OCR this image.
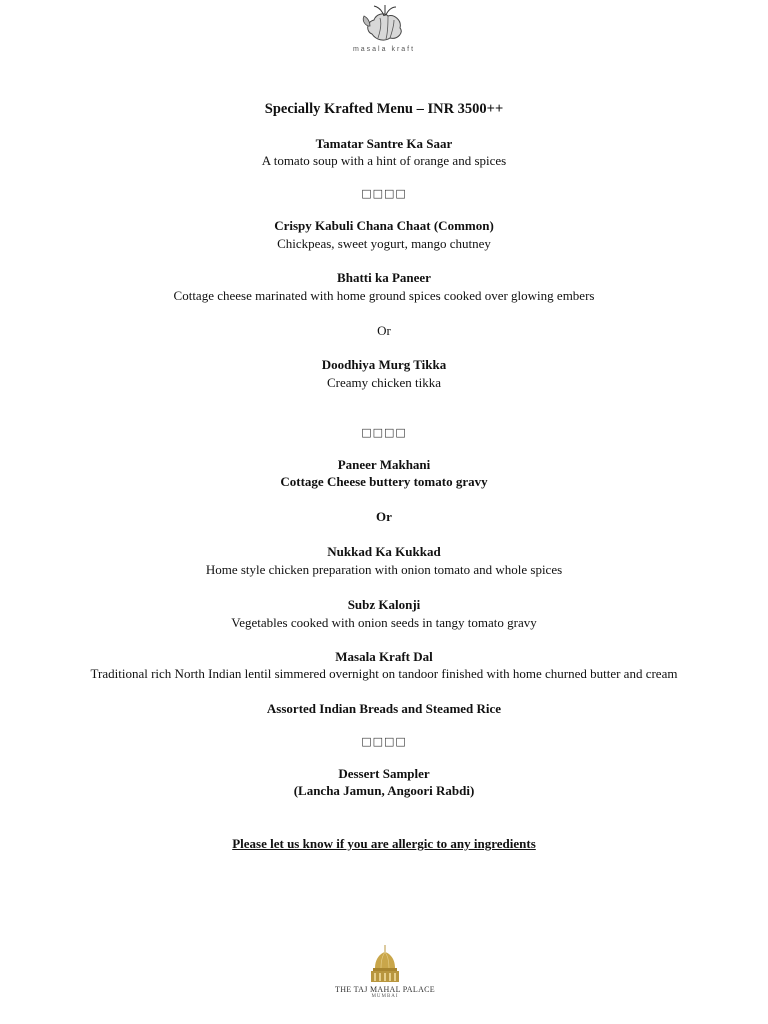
masala kraft
Specially Krafted Menu – INR 3500++
Tamatar Santre Ka Saar
A tomato soup with a hint of orange and spices
□□□□
Crispy Kabuli Chana Chaat (Common)
Chickpeas, sweet yogurt, mango chutney
Bhatti ka Paneer
Cottage cheese marinated with home ground spices cooked over glowing embers
Or
Doodhiya Murg Tikka
Creamy chicken tikka
□□□□
Paneer Makhani
Cottage Cheese buttery tomato gravy
Or
Nukkad Ka Kukkad
Home style chicken preparation with onion tomato and whole spices
Subz Kalonji
Vegetables cooked with onion seeds in tangy tomato gravy
Masala Kraft Dal
Traditional rich North Indian lentil simmered overnight on tandoor finished with home churned butter and cream
Assorted Indian Breads and Steamed Rice
□□□□
Dessert Sampler
(Lancha Jamun, Angoori Rabdi)
Please let us know if you are allergic to any ingredients
THE TAJ MAHAL PALACE
MUMBAI
